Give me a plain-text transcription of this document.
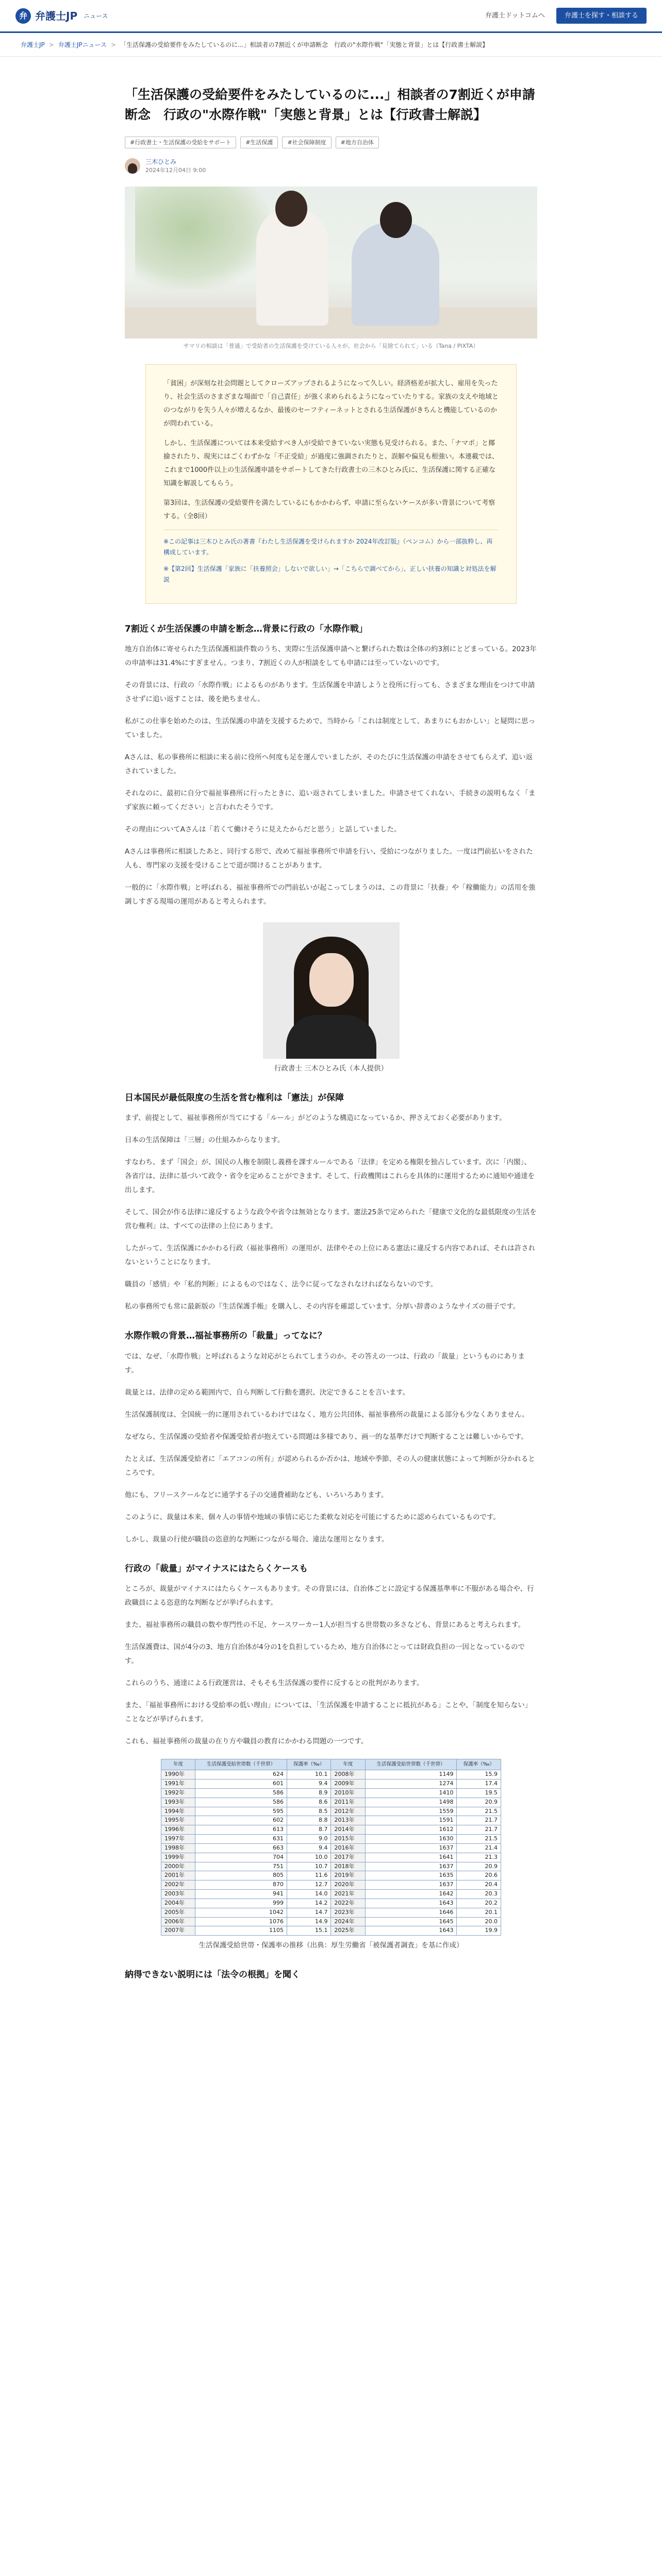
弁 弁護士JP ニュース	弁護士ドットコムへ	弁護士を探す・相談する
弁護士JP > 弁護士JPニュース > 「生活保護の受給要件をみたしているのに...」相談者の7割近くが申請断念　行政の"水際作戦"「実態と背景」とは【行政書士解説】
「生活保護の受給要件をみたしているのに...」相談者の7割近くが申請断念　行政の"水際作戦"「実態と背景」とは【行政書士解説】
#行政書士・生活保護の受給をサポート	#生活保護	#社会保障制度	#地方自治体
三木ひとみ
2024年12月04日 9:00

サマリの相談は「普通」で受給者の生活保護を受けている人々が、社会から「見捨てられて」いる（Tana / PIXTA）

「貧困」が深刻な社会問題としてクローズアップされるようになって久しい。経済格差が拡大し、雇用を失ったり、社会生活のさまざまな場面で「自己責任」が強く求められるようになっていたりする。家族の支えや地域とのつながりを失う人々が増えるなか、最後のセーフティーネットとされる生活保護がきちんと機能しているのかが問われている。

しかし、生活保護については本来受給すべき人が受給できていない実態も見受けられる。また、「ナマポ」と揶揄されたり、現実にはごくわずかな「不正受給」が過度に強調されたりと、誤解や偏見も根強い。本連載では、これまで1000件以上の生活保護申請をサポートしてきた行政書士の三木ひとみ氏に、生活保護に関する正確な知識を解説してもらう。

第3回は、生活保護の受給要件を満たしているにもかかわらず、申請に至らないケースが多い背景について考察する。（全8回）

※この記事は三木ひとみ氏の著書『わたし生活保護を受けられますか 2024年改訂版』（ペンコム）から一部抜粋し、再構成しています。
※【第2回】生活保護「家族に「扶養照会」しないで欲しい」→「こちらで調べてから」、正しい扶養の知識と対処法を解説
7割近くが生活保護の申請を断念…背景に行政の「水際作戦」

地方自治体に寄せられた生活保護相談件数のうち、実際に生活保護申請へと繋げられた数は全体の約3割にとどまっている。2023年の申請率は31.4%にすぎません。つまり、7割近くの人が相談をしても申請には至っていないのです。

その背景には、行政の「水際作戦」によるものがあります。生活保護を申請しようと役所に行っても、さまざまな理由をつけて申請させずに追い返すことは、後を絶ちません。

私がこの仕事を始めたのは、生活保護の申請を支援するためで、当時から「これは制度として、あまりにもおかしい」と疑問に思っていました。

Aさんは、私の事務所に相談に来る前に役所へ何度も足を運んでいましたが、そのたびに生活保護の申請をさせてもらえず、追い返されていました。

それなのに、最初に自分で福祉事務所に行ったときに、追い返されてしまいました。申請させてくれない、手続きの説明もなく「まず家族に頼ってください」と言われたそうです。

その理由についてAさんは「若くて働けそうに見えたからだと思う」と話していました。

Aさんは事務所に相談したあと、同行する形で、改めて福祉事務所で申請を行い、受給につながりました。一度は門前払いをされた人も、専門家の支援を受けることで道が開けることがあります。

一般的に「水際作戦」と呼ばれる、福祉事務所での門前払いが起こってしまうのは、この背景に「扶養」や「稼働能力」の活用を強調しすぎる現場の運用があると考えられます。

行政書士 三木ひとみ氏（本人提供）

日本国民が最低限度の生活を営む権利は「憲法」が保障

まず、前提として、福祉事務所が当てにする「ルール」がどのような構造になっているか、押さえておく必要があります。

日本の生活保障は「三層」の仕組みからなります。

すなわち、まず「国会」が、国民の人権を制限し義務を課すルールである「法律」を定める権限を独占しています。次に「内閣」、各省庁は、法律に基づいて政令・省令を定めることができます。そして、行政機関はこれらを具体的に運用するために通知や通達を出します。

そして、国会が作る法律に違反するような政令や省令は無効となります。憲法25条で定められた「健康で文化的な最低限度の生活を営む権利」は、すべての法律の上位にあります。

したがって、生活保護にかかわる行政（福祉事務所）の運用が、法律やその上位にある憲法に違反する内容であれば、それは許されないということになります。

職員の「感情」や「私的判断」によるものではなく、法令に従ってなされなければならないのです。

私の事務所でも常に最新版の『生活保護手帳』を購入し、その内容を確認しています。分厚い辞書のようなサイズの冊子です。

水際作戦の背景…福祉事務所の「裁量」ってなに？

では、なぜ、「水際作戦」と呼ばれるような対応がとられてしまうのか。その答えの一つは、行政の「裁量」というものにあります。

裁量とは、法律の定める範囲内で、自ら判断して行動を選択、決定できることを言います。

生活保護制度は、全国統一的に運用されているわけではなく、地方公共団体、福祉事務所の裁量による部分も少なくありません。

なぜなら、生活保護の受給者や保護受給者が抱えている問題は多様であり、画一的な基準だけで判断することは難しいからです。

たとえば、生活保護受給者に「エアコンの所有」が認められるか否かは、地域や季節、その人の健康状態によって判断が分かれるところです。

他にも、フリースクールなどに通学する子の交通費補助なども、いろいろあります。

このように、裁量は本来、個々人の事情や地域の事情に応じた柔軟な対応を可能にするために認められているものです。

しかし、裁量の行使が職員の恣意的な判断につながる場合、違法な運用となります。

行政の「裁量」がマイナスにはたらくケースも

ところが、裁量がマイナスにはたらくケースもあります。その背景には、自治体ごとに設定する保護基準率に不服がある場合や、行政職員による恣意的な判断などが挙げられます。

また、福祉事務所の職員の数や専門性の不足、ケースワーカー1人が担当する世帯数の多さなども、背景にあると考えられます。

生活保護費は、国が4分の3、地方自治体が4分の1を負担しているため、地方自治体にとっては財政負担の一因となっているのです。

これらのうち、通達による行政運営は、そもそも生活保護の要件に反するとの批判があります。

また、「福祉事務所における受給率の低い理由」については、「生活保護を申請することに抵抗がある」ことや、「制度を知らない」ことなどが挙げられます。

これも、福祉事務所の裁量の在り方や職員の教育にかかわる問題の一つです。

年度	生活保護受給世帯数（千世帯）	保護率（‰）	年度	生活保護受給世帯数（千世帯）	保護率（‰）
1990年	624	10.1	2008年	1149	15.9
1991年	601	9.4	2009年	1274	17.4
1992年	586	8.9	2010年	1410	19.5
1993年	586	8.6	2011年	1498	20.9
1994年	595	8.5	2012年	1559	21.5
1995年	602	8.8	2013年	1591	21.7
1996年	613	8.7	2014年	1612	21.7
1997年	631	9.0	2015年	1630	21.5
1998年	663	9.4	2016年	1637	21.4
1999年	704	10.0	2017年	1641	21.3
2000年	751	10.7	2018年	1637	20.9
2001年	805	11.6	2019年	1635	20.6
2002年	870	12.7	2020年	1637	20.4
2003年	941	14.0	2021年	1642	20.3
2004年	999	14.2	2022年	1643	20.2
2005年	1042	14.7	2023年	1646	20.1
2006年	1076	14.9	2024年	1645	20.0
2007年	1105	15.1	2025年	1643	19.9

生活保護受給世帯・保護率の推移（出典：厚生労働省「被保護者調査」を基に作成）

納得できない説明には「法令の根拠」を聞く
